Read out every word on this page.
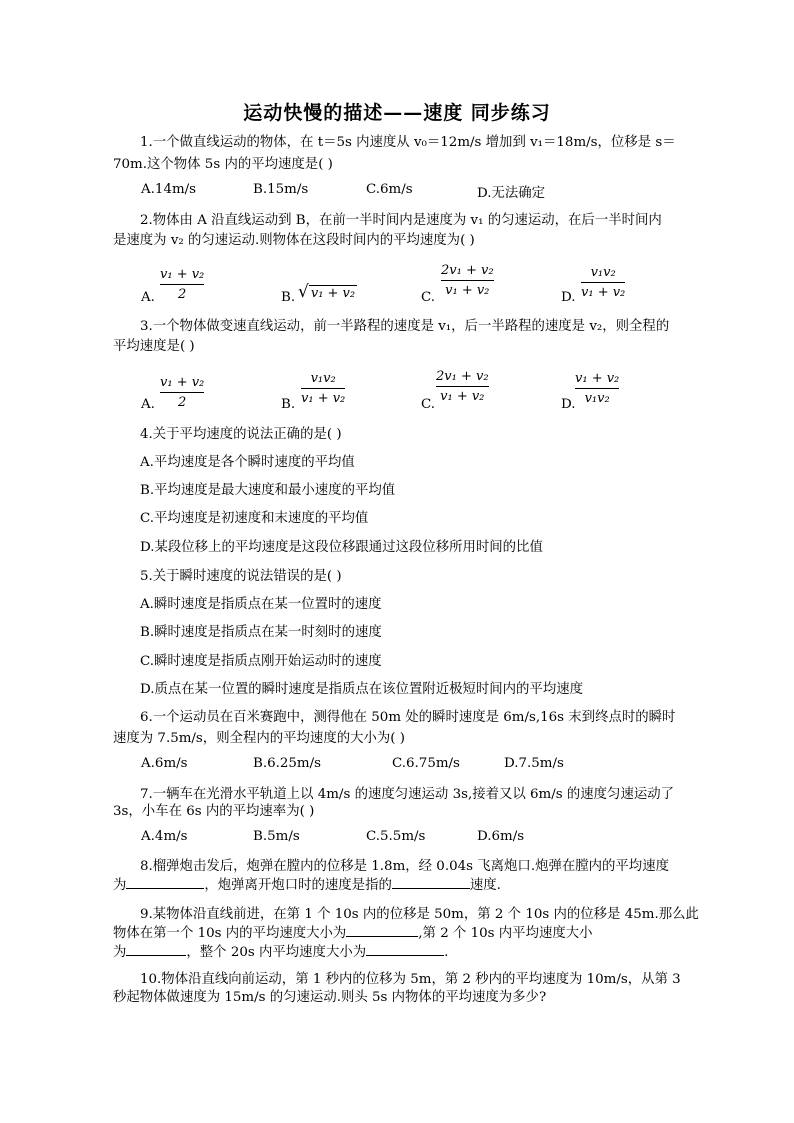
运动快慢的描述——速度 同步练习
1.一个做直线运动的物体，在 t＝5s 内速度从 v₀＝12m/s 增加到 v₁＝18m/s，位移是 s＝
70m.这个物体 5s 内的平均速度是( )
A.14m/s	B.15m/s	C.6m/s	D.无法确定
2.物体由 A 沿直线运动到 B，在前一半时间内是速度为 v₁ 的匀速运动，在后一半时间内
是速度为 v₂ 的匀速运动.则物体在这段时间内的平均速度为( )
A.
v₁ + v₂
2	B. √ v₁ + v₂	C.
2v₁ + v₂
v₁ + v₂	D.
v₁v₂
v₁ + v₂
3.一个物体做变速直线运动，前一半路程的速度是 v₁，后一半路程的速度是 v₂，则全程的
平均速度是( )
A.
v₁ + v₂
2	B.
v₁v₂
v₁ + v₂	C.
2v₁ + v₂
v₁ + v₂
D.
v₁ + v₂
v₁v₂
4.关于平均速度的说法正确的是( )
A.平均速度是各个瞬时速度的平均值
B.平均速度是最大速度和最小速度的平均值
C.平均速度是初速度和末速度的平均值
D.某段位移上的平均速度是这段位移跟通过这段位移所用时间的比值
5.关于瞬时速度的说法错误的是( )
A.瞬时速度是指质点在某一位置时的速度
B.瞬时速度是指质点在某一时刻时的速度
C.瞬时速度是指质点刚开始运动时的速度
D.质点在某一位置的瞬时速度是指质点在该位置附近极短时间内的平均速度
6.一个运动员在百米赛跑中，测得他在 50m 处的瞬时速度是 6m/s,16s 末到终点时的瞬时
速度为 7.5m/s，则全程内的平均速度的大小为( )
A.6m/s	B.6.25m/s	C.6.75m/s	D.7.5m/s
7.一辆车在光滑水平轨道上以 4m/s 的速度匀速运动 3s,接着又以 6m/s 的速度匀速运动了
3s，小车在 6s 内的平均速率为( )
A.4m/s	B.5m/s	C.5.5m/s	D.6m/s
8.榴弹炮击发后，炮弹在膛内的位移是 1.8m，经 0.04s 飞离炮口.炮弹在膛内的平均速度
为	，炮弹离开炮口时的速度是指的	速度.
9.某物体沿直线前进，在第 1 个 10s 内的位移是 50m，第 2 个 10s 内的位移是 45m.那么此
物体在第一个 10s 内的平均速度大小为	,第 2 个 10s 内平均速度大小
为	，整个 20s 内平均速度大小为	.
10.物体沿直线向前运动，第 1 秒内的位移为 5m，第 2 秒内的平均速度为 10m/s，从第 3
秒起物体做速度为 15m/s 的匀速运动.则头 5s 内物体的平均速度为多少?
